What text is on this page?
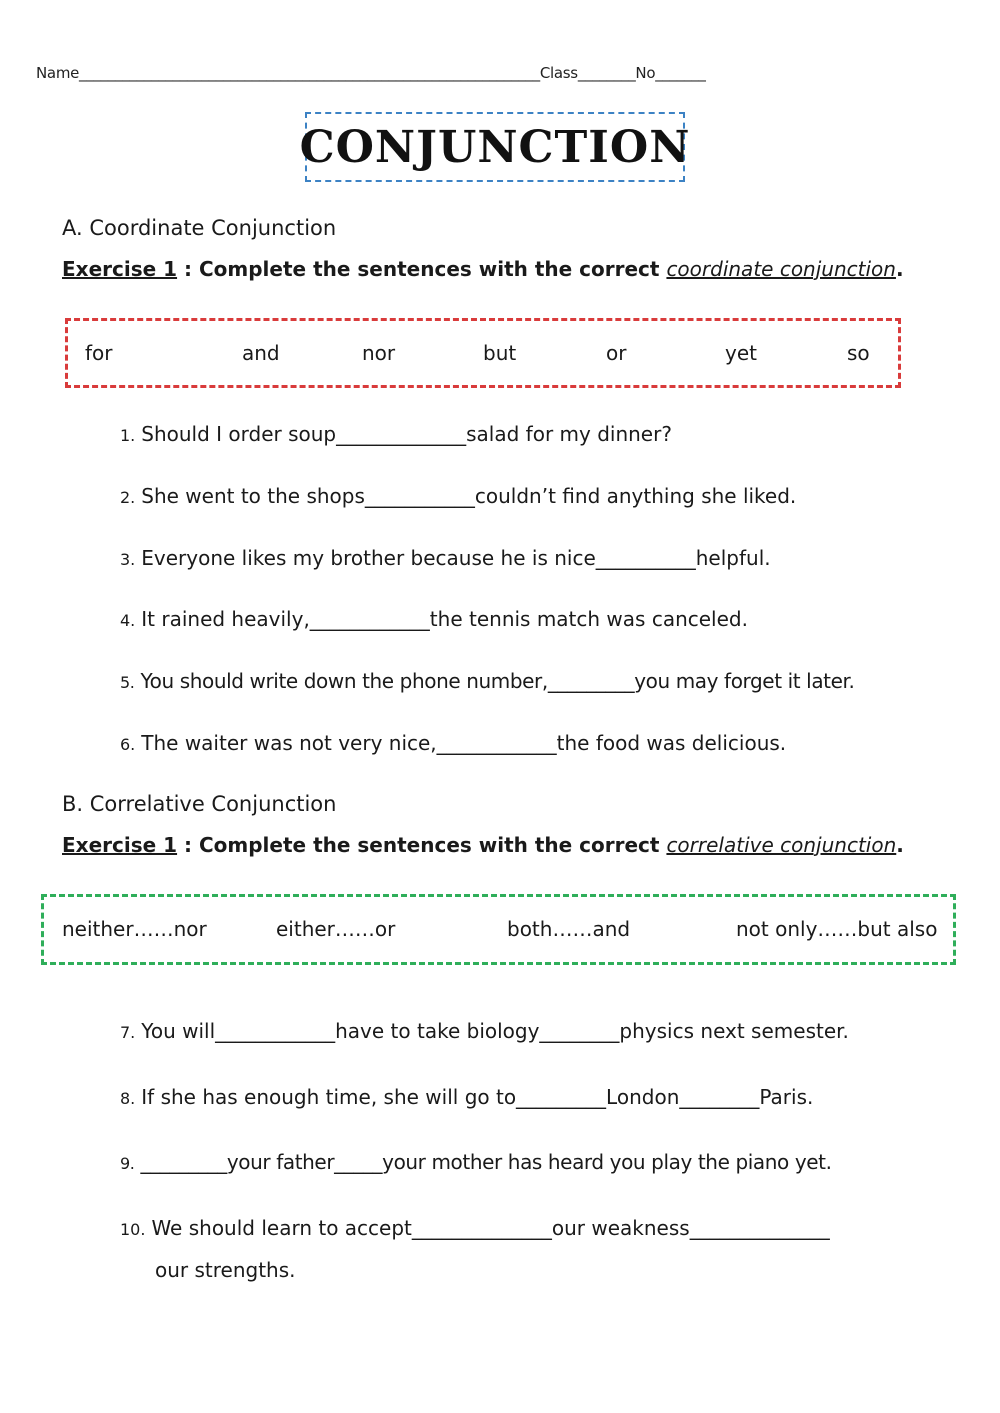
Name________________________________________________________________Class________No_______
CONJUNCTION
A. Coordinate Conjunction
Exercise 1 : Complete the sentences with the correct coordinate conjunction.
for	and	nor	but	or	yet	so
1. Should I order soup_____________salad for my dinner?
2. She went to the shops___________couldn’t find anything she liked.
3. Everyone likes my brother because he is nice__________helpful.
4. It rained heavily,____________the tennis match was canceled.
5. You should write down the phone number,_________you may forget it later.
6. The waiter was not very nice,____________the food was delicious.
B. Correlative Conjunction
Exercise 1 : Complete the sentences with the correct correlative conjunction.
neither……nor	either……or	both……and	not only……but also
7. You will____________have to take biology________physics next semester.
8. If she has enough time, she will go to_________London________Paris.
9. _________your father_____your mother has heard you play the piano yet.
10. We should learn to accept______________our weakness______________
our strengths.
